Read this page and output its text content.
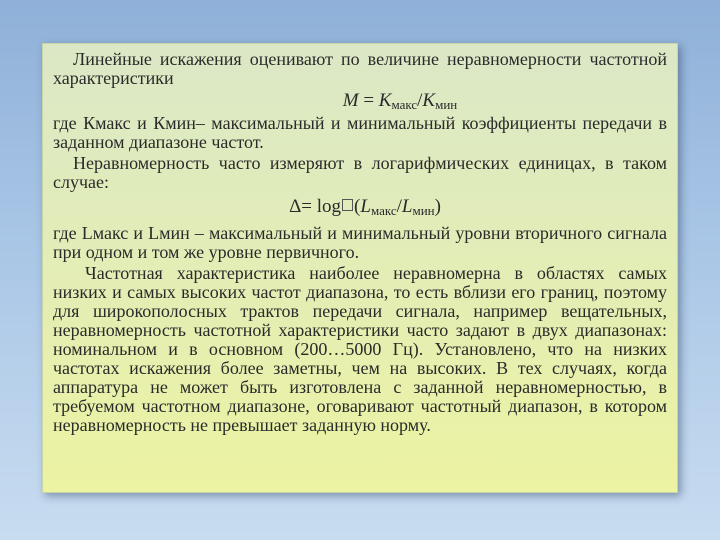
Линейные искажения оценивают по величине неравномерности частотной характеристики

$M = K_{макс}/K_{мин}$

где Кмакс и Кмин– максимальный и минимальный коэффициенты передачи в заданном диапазоне частот.

Неравномерность часто измеряют в логарифмических единицах, в таком случае:

$\Delta= \log (L_{макс}/L_{мин})$

где Lмакс и Lмин – максимальный и минимальный уровни вторичного сигнала при одном и том же уровне первичного.

Частотная характеристика наиболее неравномерна в областях самых низких и самых высоких частот диапазона, то есть вблизи его границ, поэтому для широкополосных трактов передачи сигнала, например вещательных, неравномерность частотной характеристики часто задают в двух диапазонах: номинальном и в основном (200…5000 Гц). Установлено, что на низких частотах искажения более заметны, чем на высоких. В тех случаях, когда аппаратура не может быть изготовлена с заданной неравномерностью, в требуемом частотном диапазоне, оговаривают частотный диапазон, в котором неравномерность не превышает заданную норму.
